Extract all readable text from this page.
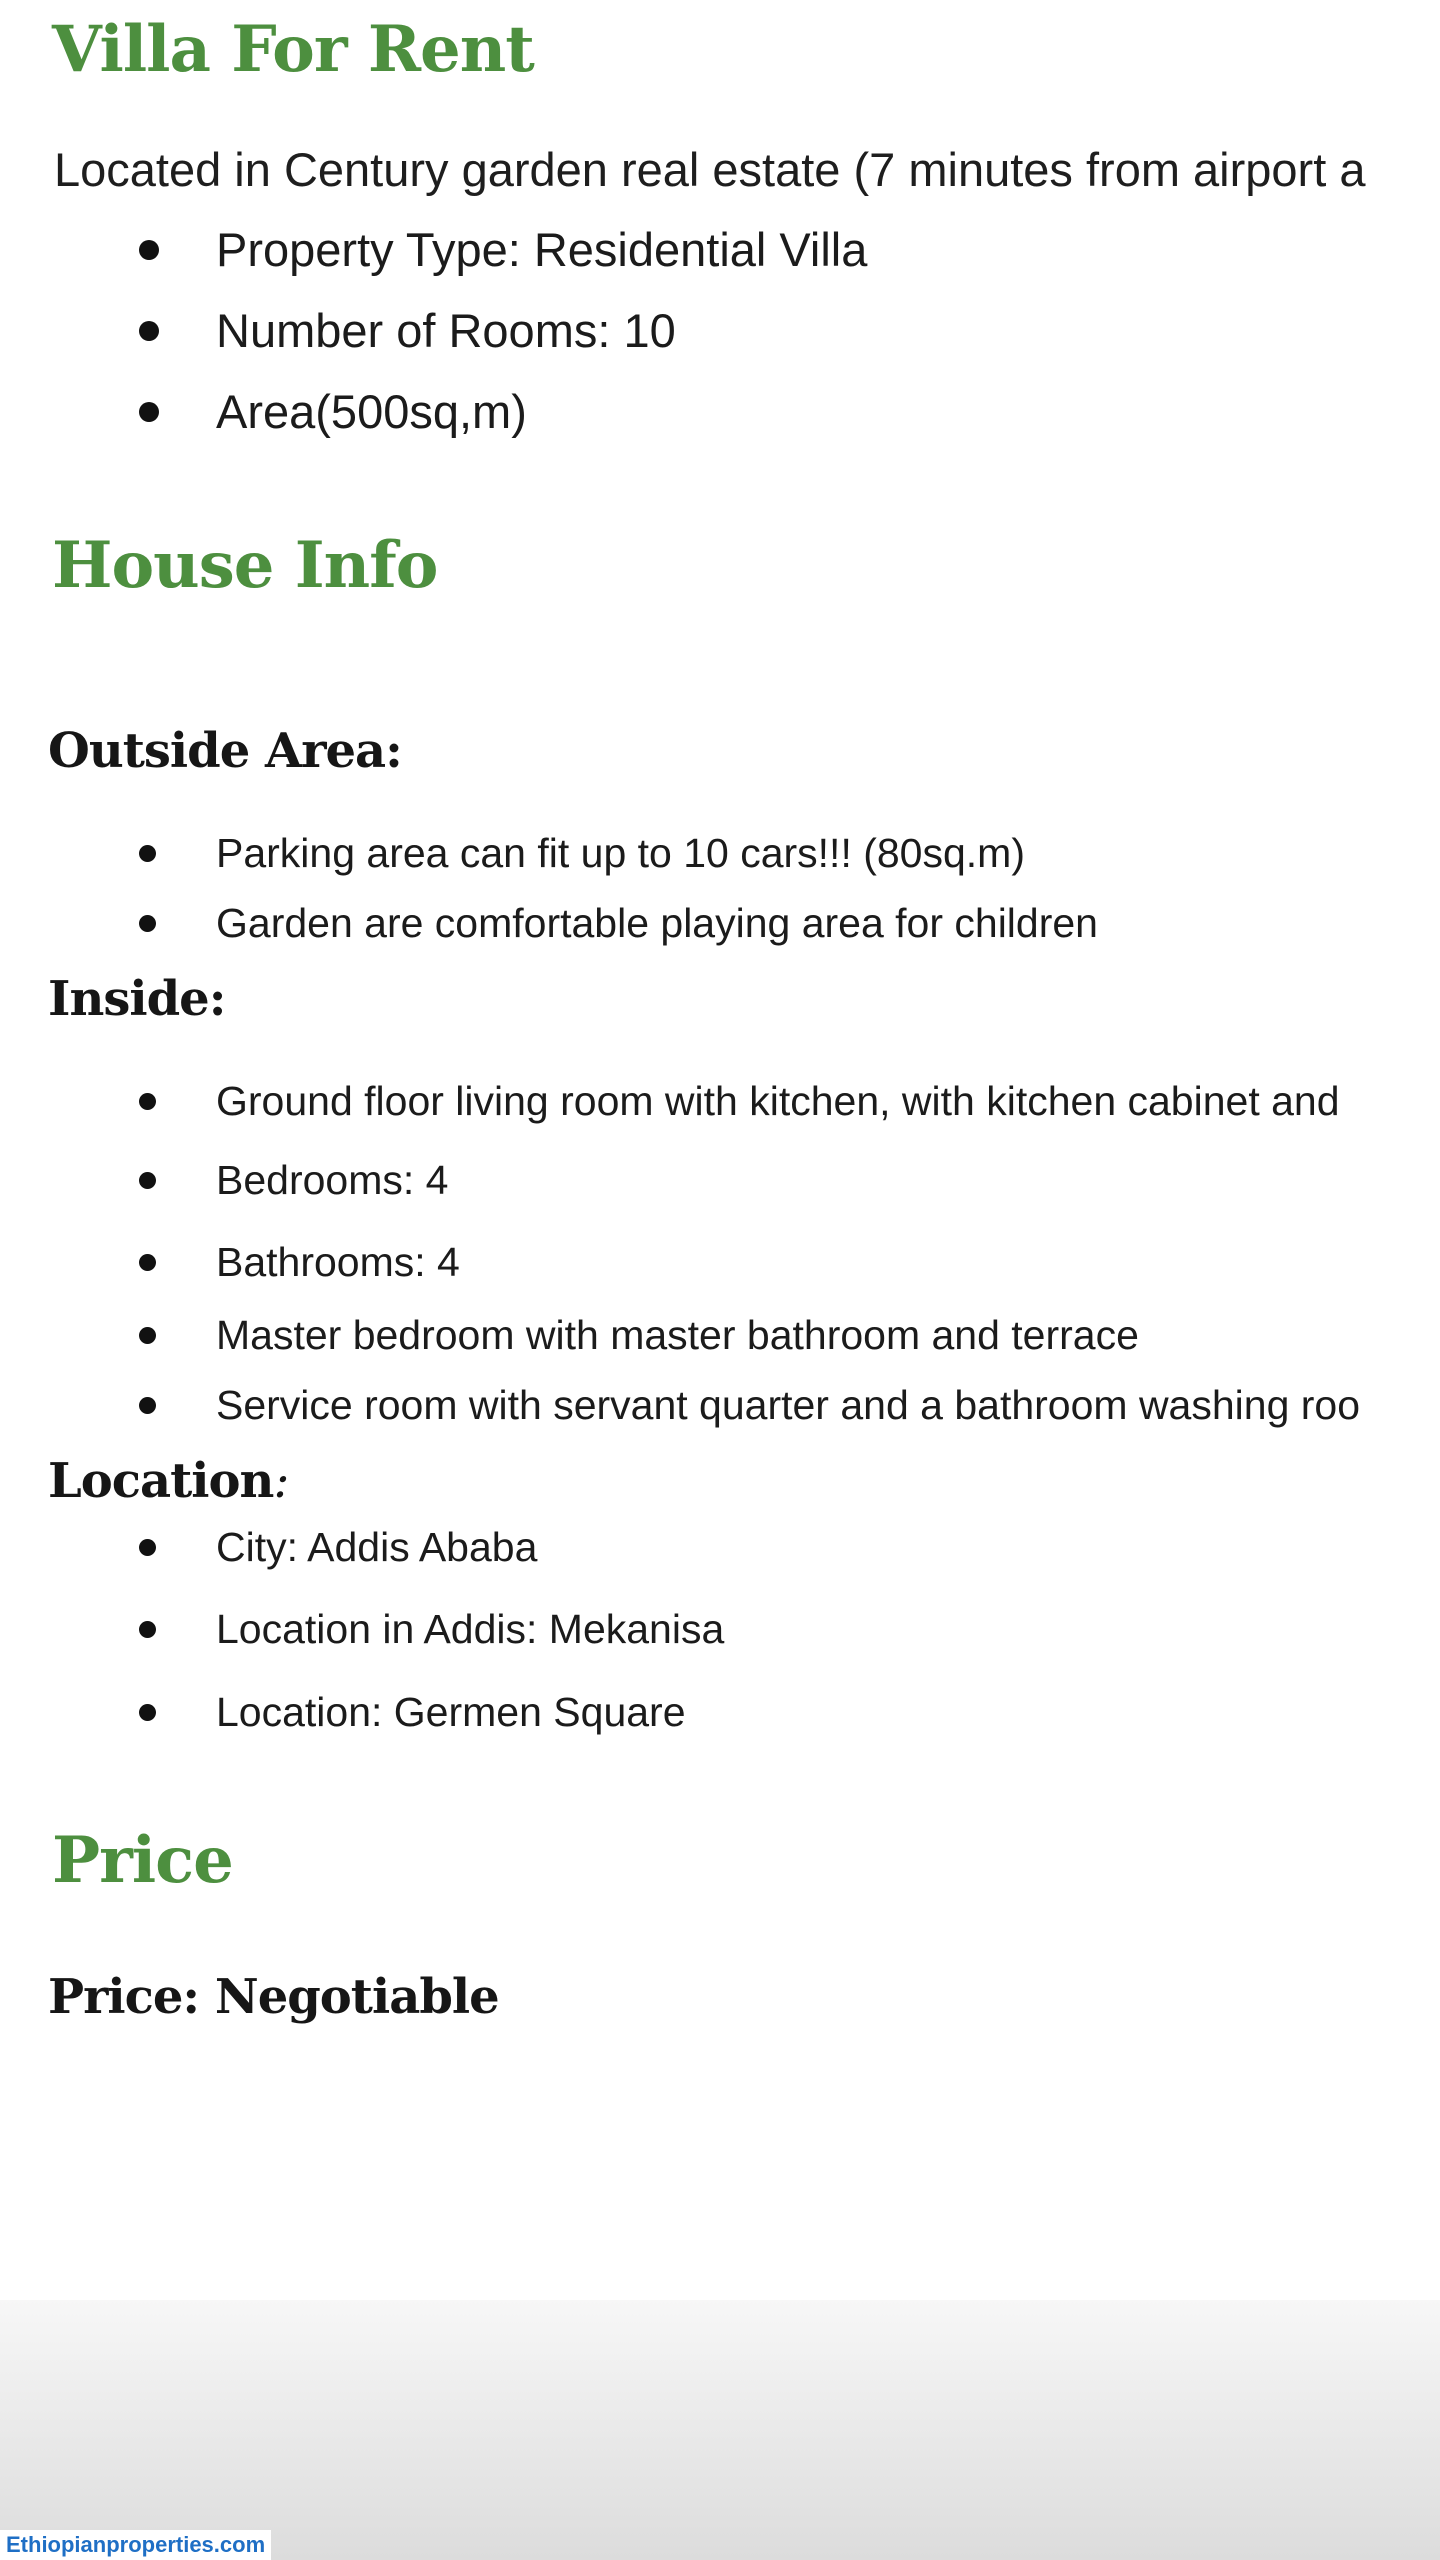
Villa For Rent

Located in Century garden real estate (7 minutes from airport a

Property Type: Residential Villa
Number of Rooms: 10
Area(500sq,m)
House Info
Outside Area:
Parking area can fit up to 10 cars!!! (80sq.m)
Garden are comfortable playing area for children
Inside:
Ground floor living room with kitchen, with kitchen cabinet and
Bedrooms: 4
Bathrooms: 4
Master bedroom with master bathroom and terrace
Service room with servant quarter and a bathroom washing roo
Location:
City: Addis Ababa
Location in Addis: Mekanisa
Location: Germen Square
Price

Price: Negotiable

Ethiopianproperties.com
